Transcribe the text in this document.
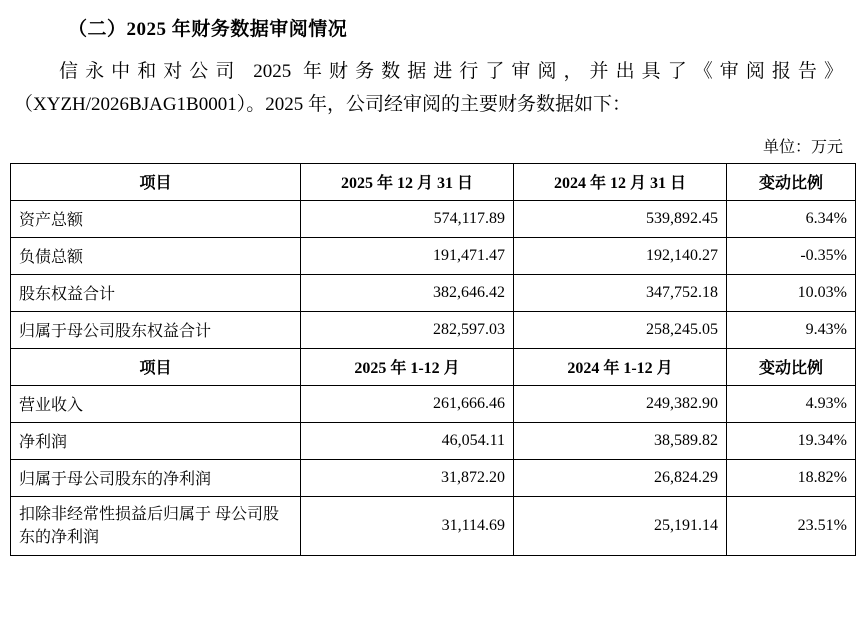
（二）2025 年财务数据审阅情况
信永中和对公司 2025 年财务数据进行了审阅，并出具了《审阅报告》（XYZH/2026BJAG1B0001）。2025 年，公司经审阅的主要财务数据如下：
单位：万元
项目	2025 年 12 月 31 日	2024 年 12 月 31 日	变动比例
资产总额	574,117.89	539,892.45	6.34%
负债总额	191,471.47	192,140.27	-0.35%
股东权益合计	382,646.42	347,752.18	10.03%
归属于母公司股东权益合计	282,597.03	258,245.05	9.43%
项目	2025 年 1-12 月	2024 年 1-12 月	变动比例
营业收入	261,666.46	249,382.90	4.93%
净利润	46,054.11	38,589.82	19.34%
归属于母公司股东的净利润	31,872.20	26,824.29	18.82%
扣除非经常性损益后归属于 母公司股东的净利润	31,114.69	25,191.14	23.51%
